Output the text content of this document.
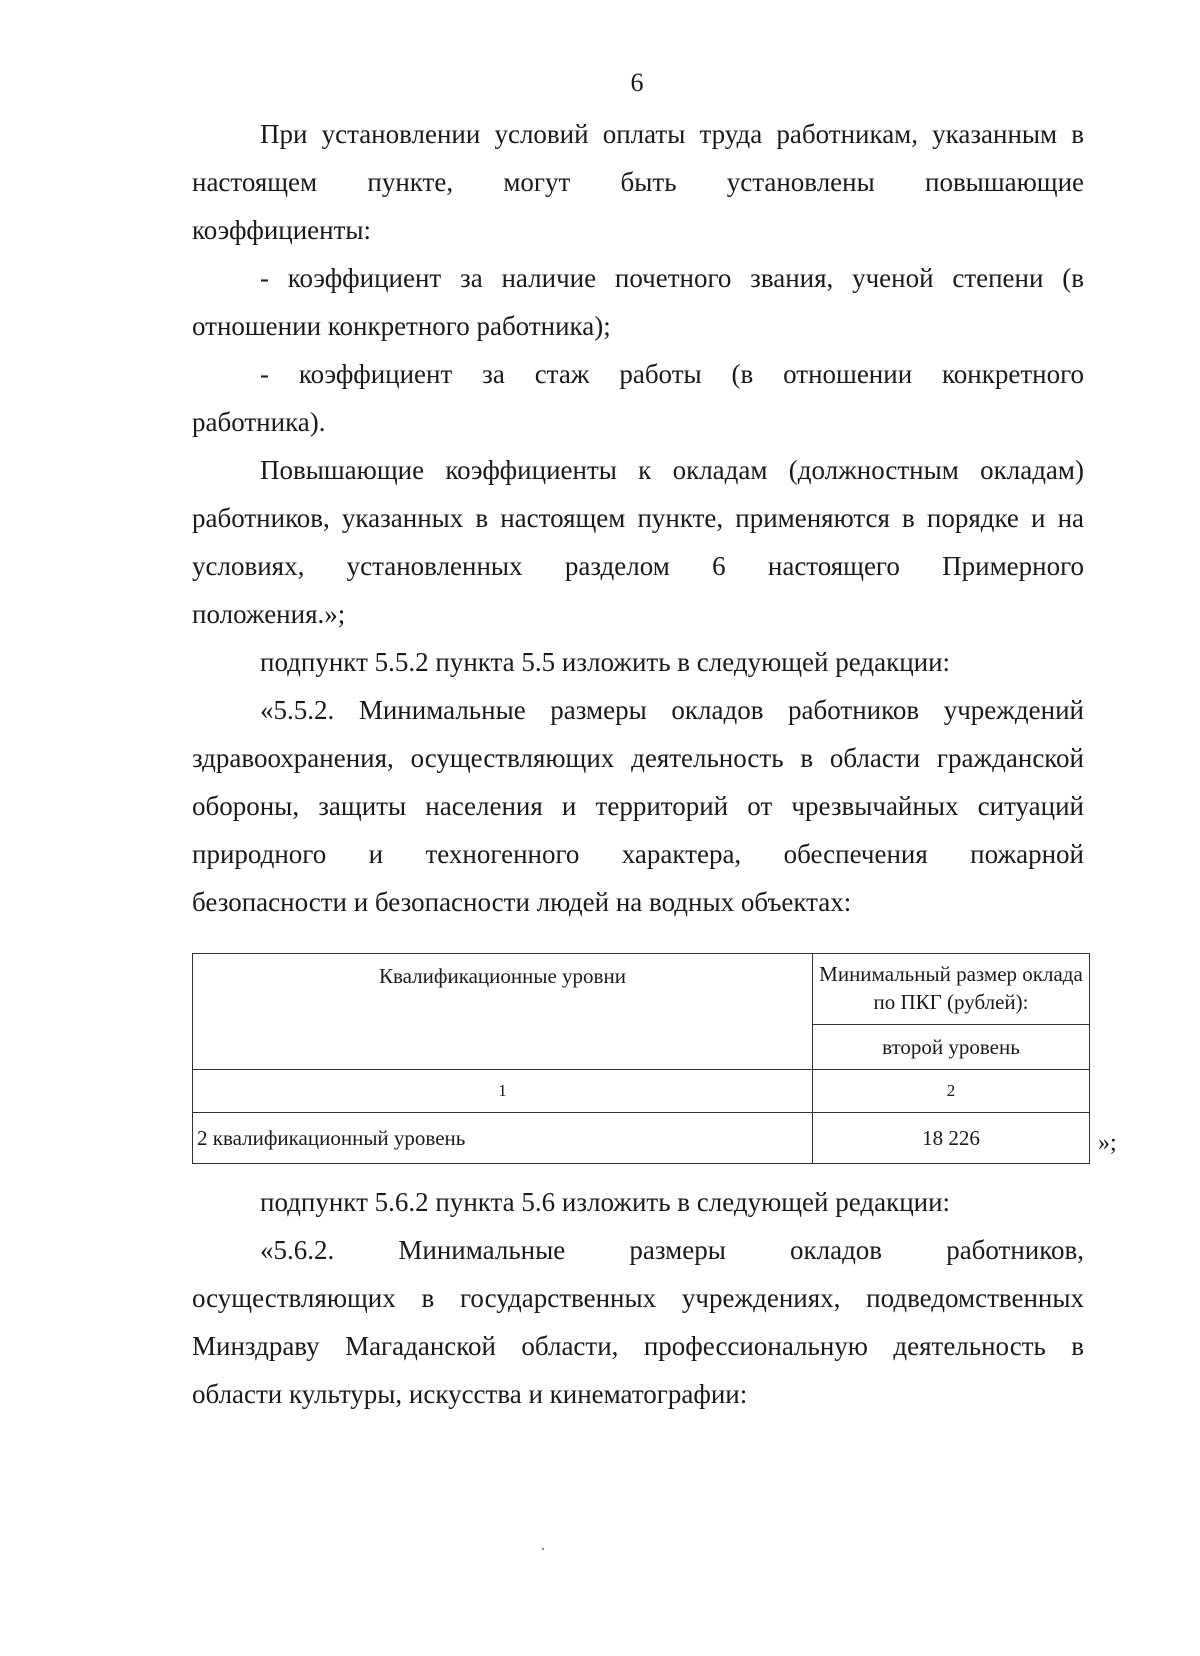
6
При установлении условий оплаты труда работникам, указанным в
настоящем пункте, могут быть установлены повышающие
коэффициенты:
- коэффициент за наличие почетного звания, ученой степени (в
отношении конкретного работника);
- коэффициент за стаж работы (в отношении конкретного
работника).
Повышающие коэффициенты к окладам (должностным окладам)
работников, указанных в настоящем пункте, применяются в порядке и на
условиях, установленных разделом 6 настоящего Примерного
положения.»;
подпункт 5.5.2 пункта 5.5 изложить в следующей редакции:
«5.5.2. Минимальные размеры окладов работников учреждений
здравоохранения, осуществляющих деятельность в области гражданской
обороны, защиты населения и территорий от чрезвычайных ситуаций
природного и техногенного характера, обеспечения пожарной
безопасности и безопасности людей на водных объектах:
Квалификационные уровни	Минимальный размер оклада по ПКГ (рублей):
	второй уровень
1	2
2 квалификационный уровень	18 226	»;
подпункт 5.6.2 пункта 5.6 изложить в следующей редакции:
«5.6.2. Минимальные размеры окладов работников,
осуществляющих в государственных учреждениях, подведомственных
Минздраву Магаданской области, профессиональную деятельность в
области культуры, искусства и кинематографии:
